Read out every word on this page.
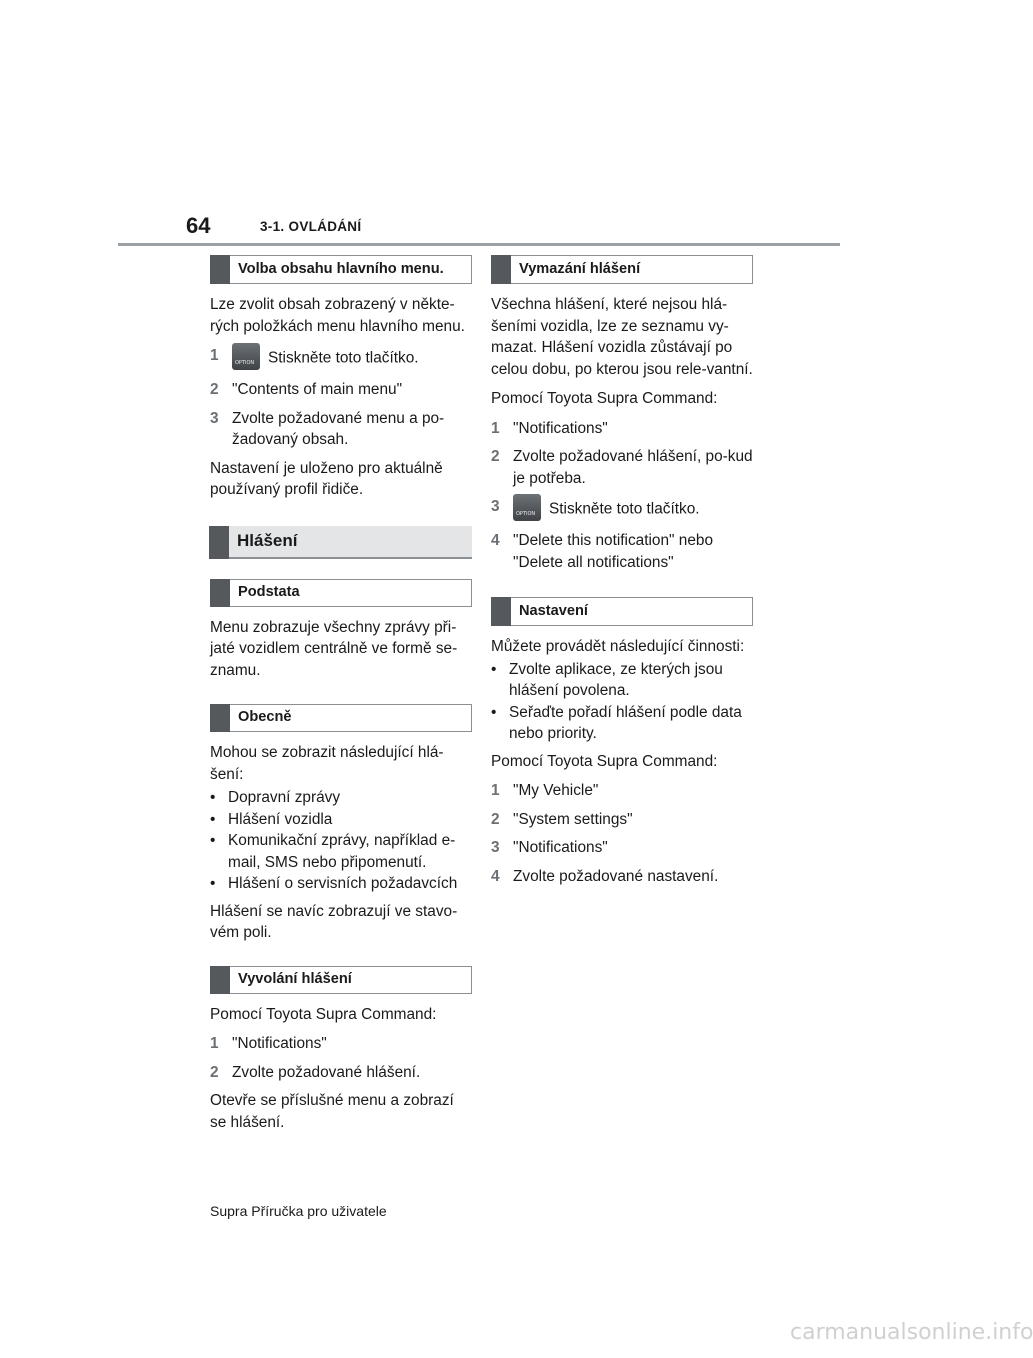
64	3-1. OVLÁDÁNÍ
Volba obsahu hlavního menu.

Lze zvolit obsah zobrazený v někte-rých položkách menu hlavního menu.

1 OPTION	Stiskněte toto tlačítko.
2 "Contents of main menu"
3 Zvolte požadované menu a po-žadovaný obsah.

Nastavení je uloženo pro aktuálně používaný profil řidiče.

Hlášení
Podstata

Menu zobrazuje všechny zprávy při-jaté vozidlem centrálně ve formě se-znamu.

Obecně

Mohou se zobrazit následující hlá-šení:

• Dopravní zprávy
• Hlášení vozidla
• Komunikační zprávy, například e-mail, SMS nebo připomenutí.
• Hlášení o servisních požadavcích

Hlášení se navíc zobrazují ve stavo-vém poli.

Vyvolání hlášení

Pomocí Toyota Supra Command:

1 "Notifications"
2 Zvolte požadované hlášení.

Otevře se příslušné menu a zobrazí se hlášení.

Vymazání hlášení

Všechna hlášení, které nejsou hlá-šeními vozidla, lze ze seznamu vy-mazat. Hlášení vozidla zůstávají po celou dobu, po kterou jsou rele-vantní.

Pomocí Toyota Supra Command:

1 "Notifications"
2 Zvolte požadované hlášení, po-kud je potřeba.
3 OPTION	Stiskněte toto tlačítko.
4 "Delete this notification" nebo "Delete all notifications"
Nastavení

Můžete provádět následující činnosti:

• Zvolte aplikace, ze kterých jsou hlášení povolena.
• Seřaďte pořadí hlášení podle data nebo priority.

Pomocí Toyota Supra Command:

1 "My Vehicle"
2 "System settings"
3 "Notifications"
4 Zvolte požadované nastavení.
Supra Příručka pro uživatele
carmanualsonline.info
